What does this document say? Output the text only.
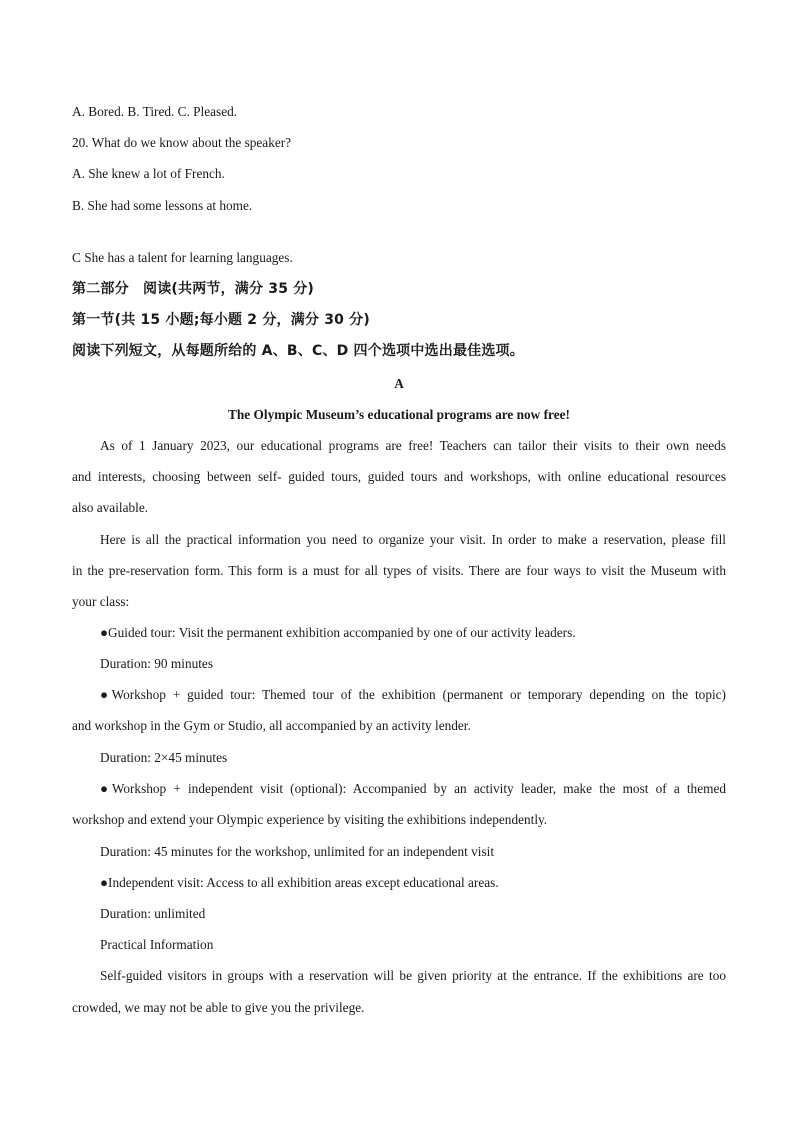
A. Bored. B. Tired. C. Pleased.
20. What do we know about the speaker?
A. She knew a lot of French.
B. She had some lessons at home.
C She has a talent for learning languages.
第二部分　阅读(共两节，满分 35 分)
第一节(共 15 小题;每小题 2 分，满分 30 分)
阅读下列短文，从每题所给的 A、B、C、D 四个选项中选出最佳选项。
A
The Olympic Museum’s educational programs are now free!
As of 1 January 2023, our educational programs are free! Teachers can tailor their visits to their own needs
and interests, choosing between self- guided tours, guided tours and workshops, with online educational resources
also available.
Here is all the practical information you need to organize your visit. In order to make a reservation, please fill
in the pre-reservation form. This form is a must for all types of visits. There are four ways to visit the Museum with
your class:
●Guided tour: Visit the permanent exhibition accompanied by one of our activity leaders.
Duration: 90 minutes
●Workshop + guided tour: Themed tour of the exhibition (permanent or temporary depending on the topic)
and workshop in the Gym or Studio, all accompanied by an activity lender.
Duration: 2×45 minutes
●Workshop + independent visit (optional): Accompanied by an activity leader, make the most of a themed
workshop and extend your Olympic experience by visiting the exhibitions independently.
Duration: 45 minutes for the workshop, unlimited for an independent visit
●Independent visit: Access to all exhibition areas except educational areas.
Duration: unlimited
Practical Information
Self-guided visitors in groups with a reservation will be given priority at the entrance. If the exhibitions are too
crowded, we may not be able to give you the privilege.
